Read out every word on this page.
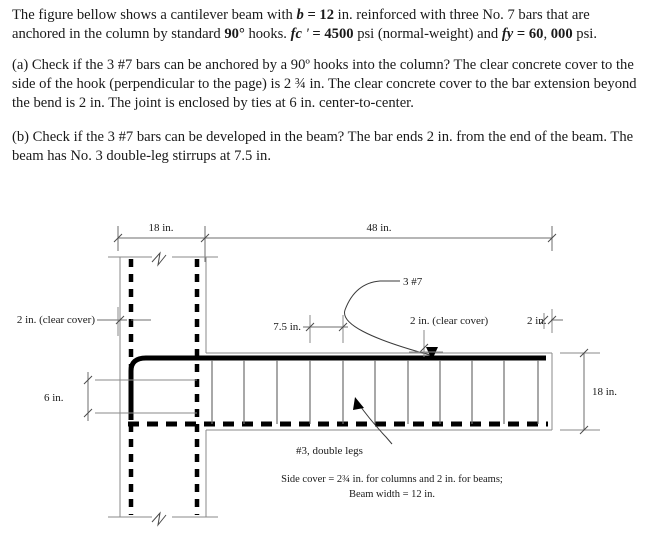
The figure bellow shows a cantilever beam with b = 12 in. reinforced with three No. 7 bars that are anchored in the column by standard 90° hooks. fc ' = 4500 psi (normal-weight) and fy = 60, 000 psi.

(a) Check if the 3 #7 bars can be anchored by a 90º hooks into the column? The clear concrete cover to the side of the hook (perpendicular to the page) is 2 ¾ in. The clear concrete cover to the bar extension beyond the bend is 2 in. The joint is enclosed by ties at 6 in. center-to-center.

(b) Check if the 3 #7 bars can be developed in the beam? The bar ends 2 in. from the end of the beam. The beam has No. 3 double-leg stirrups at 7.5 in.

18 in.	48 in.
2 in. (clear cover)
6 in.
7.5 in.
3 #7
2 in. (clear cover)	2 in.
18 in.
#3, double legs
Side cover = 2¾ in. for columns and 2 in. for beams;
Beam width = 12 in.
